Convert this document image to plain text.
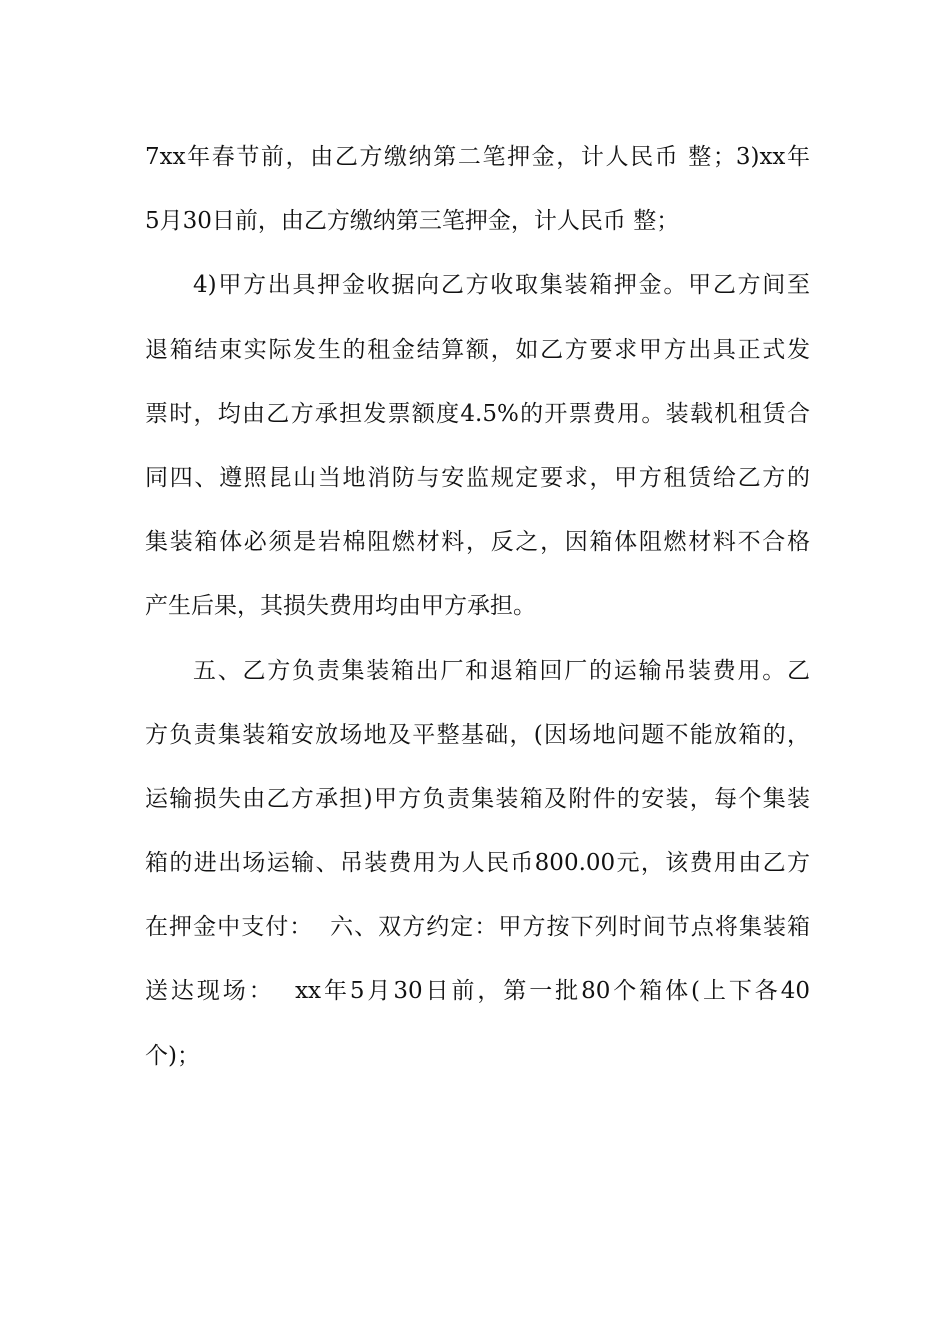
7xx年春节前，由乙方缴纳第二笔押金，计人民币 整；3)xx年
5月30日前，由乙方缴纳第三笔押金，计人民币 整；
4)甲方出具押金收据向乙方收取集装箱押金。甲乙方间至
退箱结束实际发生的租金结算额，如乙方要求甲方出具正式发
票时，均由乙方承担发票额度4.5%的开票费用。装载机租赁合
同四、遵照昆山当地消防与安监规定要求，甲方租赁给乙方的
集装箱体必须是岩棉阻燃材料，反之，因箱体阻燃材料不合格
产生后果，其损失费用均由甲方承担。
五、乙方负责集装箱出厂和退箱回厂的运输吊装费用。乙
方负责集装箱安放场地及平整基础，(因场地问题不能放箱的，
运输损失由乙方承担)甲方负责集装箱及附件的安装，每个集装
箱的进出场运输、吊装费用为人民币800.00元，该费用由乙方
在押金中支付：  六、双方约定：甲方按下列时间节点将集装箱
送达现场：  xx年5月30日前，第一批80个箱体(上下各40
个)；
